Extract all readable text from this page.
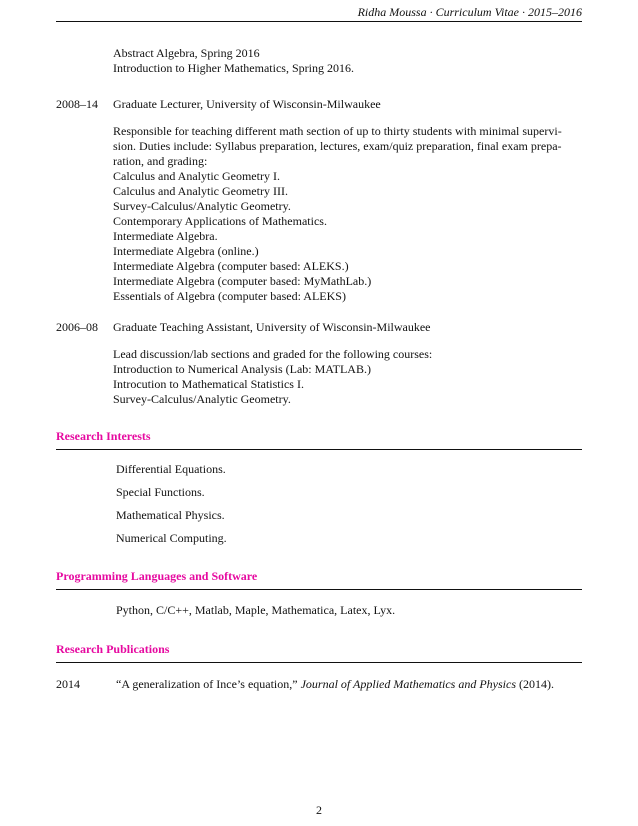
Ridha Moussa · Curriculum Vitae · 2015–2016
Abstract Algebra, Spring 2016
Introduction to Higher Mathematics, Spring 2016.
2008–14	Graduate Lecturer, University of Wisconsin-Milwaukee
Responsible for teaching different math section of up to thirty students with minimal supervi-
sion. Duties include: Syllabus preparation, lectures, exam/quiz preparation, final exam prepa-
ration, and grading:
Calculus and Analytic Geometry I.
Calculus and Analytic Geometry III.
Survey-Calculus/Analytic Geometry.
Contemporary Applications of Mathematics.
Intermediate Algebra.
Intermediate Algebra (online.)
Intermediate Algebra (computer based: ALEKS.)
Intermediate Algebra (computer based: MyMathLab.)
Essentials of Algebra (computer based: ALEKS)
2006–08	Graduate Teaching Assistant, University of Wisconsin-Milwaukee
Lead discussion/lab sections and graded for the following courses:
Introduction to Numerical Analysis (Lab: MATLAB.)
Introcution to Mathematical Statistics I.
Survey-Calculus/Analytic Geometry.
Research Interests
Differential Equations.
Special Functions.
Mathematical Physics.
Numerical Computing.
Programming Languages and Software
Python, C/C++, Matlab, Maple, Mathematica, Latex, Lyx.
Research Publications
2014	“A generalization of Ince’s equation,” Journal of Applied Mathematics and Physics (2014).
2
